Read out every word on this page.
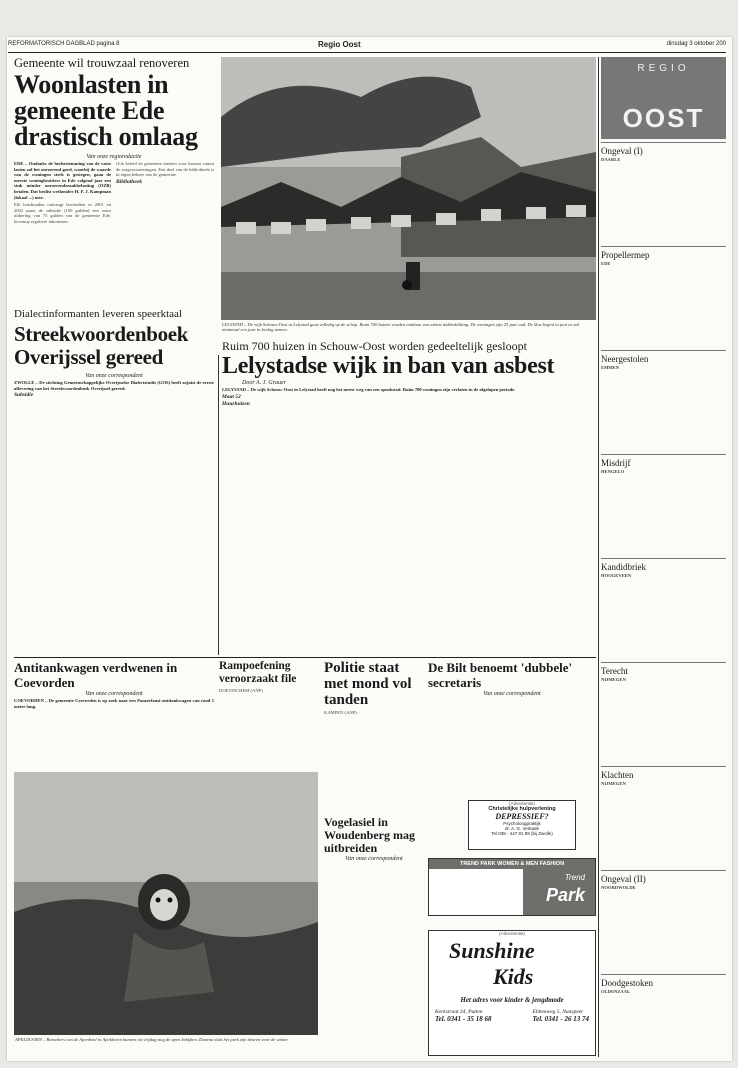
REFORMATORISCH DAGBLAD pagina 8	Regio Oost	dinsdag 3 oktober 200
Gemeente wil trouwzaal renoveren
Woonlasten in gemeente Ede drastisch omlaag
Van onze regioredactie

EDE – Ondanks de herbestemming van de vaste lasten zal het onroerend goed, waarbij de waarde van de woningen sterk is gestegen, gaan de meeste woningbezitters in Ede volgend jaar een stuk minder onroerendezaakbelasting (OZB) betalen. Dat beslist wethouder H. F. J. Kampman (lokaal ...) mee.

Elk huishouden ontvangt bovendien in 2001 en 2002 naast de subsidie (100 gulden) een extra uitkering van 75 gulden van de gemeente Ede, bovenop reguliere inkomsten.

Ook beleid de gemeente meteen voor kansen vanuit de zorgvoorzieningen. Een deel van de bibliotheek is in eigen beheer van de gemeente.

Bibliotheek

LELYSTAD – De wijk Schouw-Oost in Lelystad gaat volledig op de schop. Ruim 700 huizen worden ontdaan van asbest dakbedekking. De woningen zijn 25 jaar oud. De klus begint in juni en zal minimaal een jaar in beslag nemen.
REGIO
OOST
Ongeval (I)
DAARLE
Propellermep
EDE
Neergestolen
EMMEN
Misdrijf
HENGELO
Kandidbriek
HOOGEVEEN
Terecht
NIJMEGEN
Klachten
NIJMEGEN
Ongeval (II)
NOORDWOLDE
Doodgestoken
OLDENZAAL
Dialectinformanten leveren speerktaal
Streekwoordenboek Overijssel gereed
Van onze correspondent

ZWOLLE – De stichting Gemeenschappelijke Overijsselse Dialectstudie (GOS) heeft zojuist de eerste aflevering van het Streekwoordenboek Overijssel gereed.

Subsidie

Ruim 700 huizen in Schouw-Oost worden gedeeltelijk gesloopt
Lelystadse wijk in ban van asbest
Door A. J. Grauer

LELYSTAD – De wijk Schouw-Oost in Lelystad heeft nog het meest weg van een spookstad. Ruim 700 woningen zijn verlaten in de afgelopen periode.

Maat 52

Huurhuizen

Antitankwagen verdwenen in Coevorden
Van onze correspondent

COEVORDEN – De gemeente Coevorden is op zoek naar een Panzerfaust-antitankwagen van rond 1 meter lang.

Rampoefening veroorzaakt file

DOETINCHEM (ANP)

Politie staat met mond vol tanden

KAMPEN (ANP)

Vogelasiel in Woudenberg mag uitbreiden
Van onze correspondent
De Bilt benoemt 'dubbele' secretaris
Van onze correspondent
APELDOORN – Bezoekers van de Apenheul in Apeldoorn kunnen tot vrijdag nog de apen bekijken. Daarna sluit het park zijn deuren voor de winter.
(Advertentie)
Christelijke hulpverlening
DEPRESSIEF?
Psycholoogpraktijk
dr. A. G. Verkade
Tel 038 - 447 81 89 (bij Zwolle)
TREND PARK WOMEN & MEN FASHION
Trend
Park
(Advertentie)
Sunshine
Kids
Het adres voor kinder & jengdmode
Kerkstraat 34, Putten
Tel. 0341 - 35 18 68
Ebbenweg 5, Nunspeet
Tel. 0341 - 26 13 74
